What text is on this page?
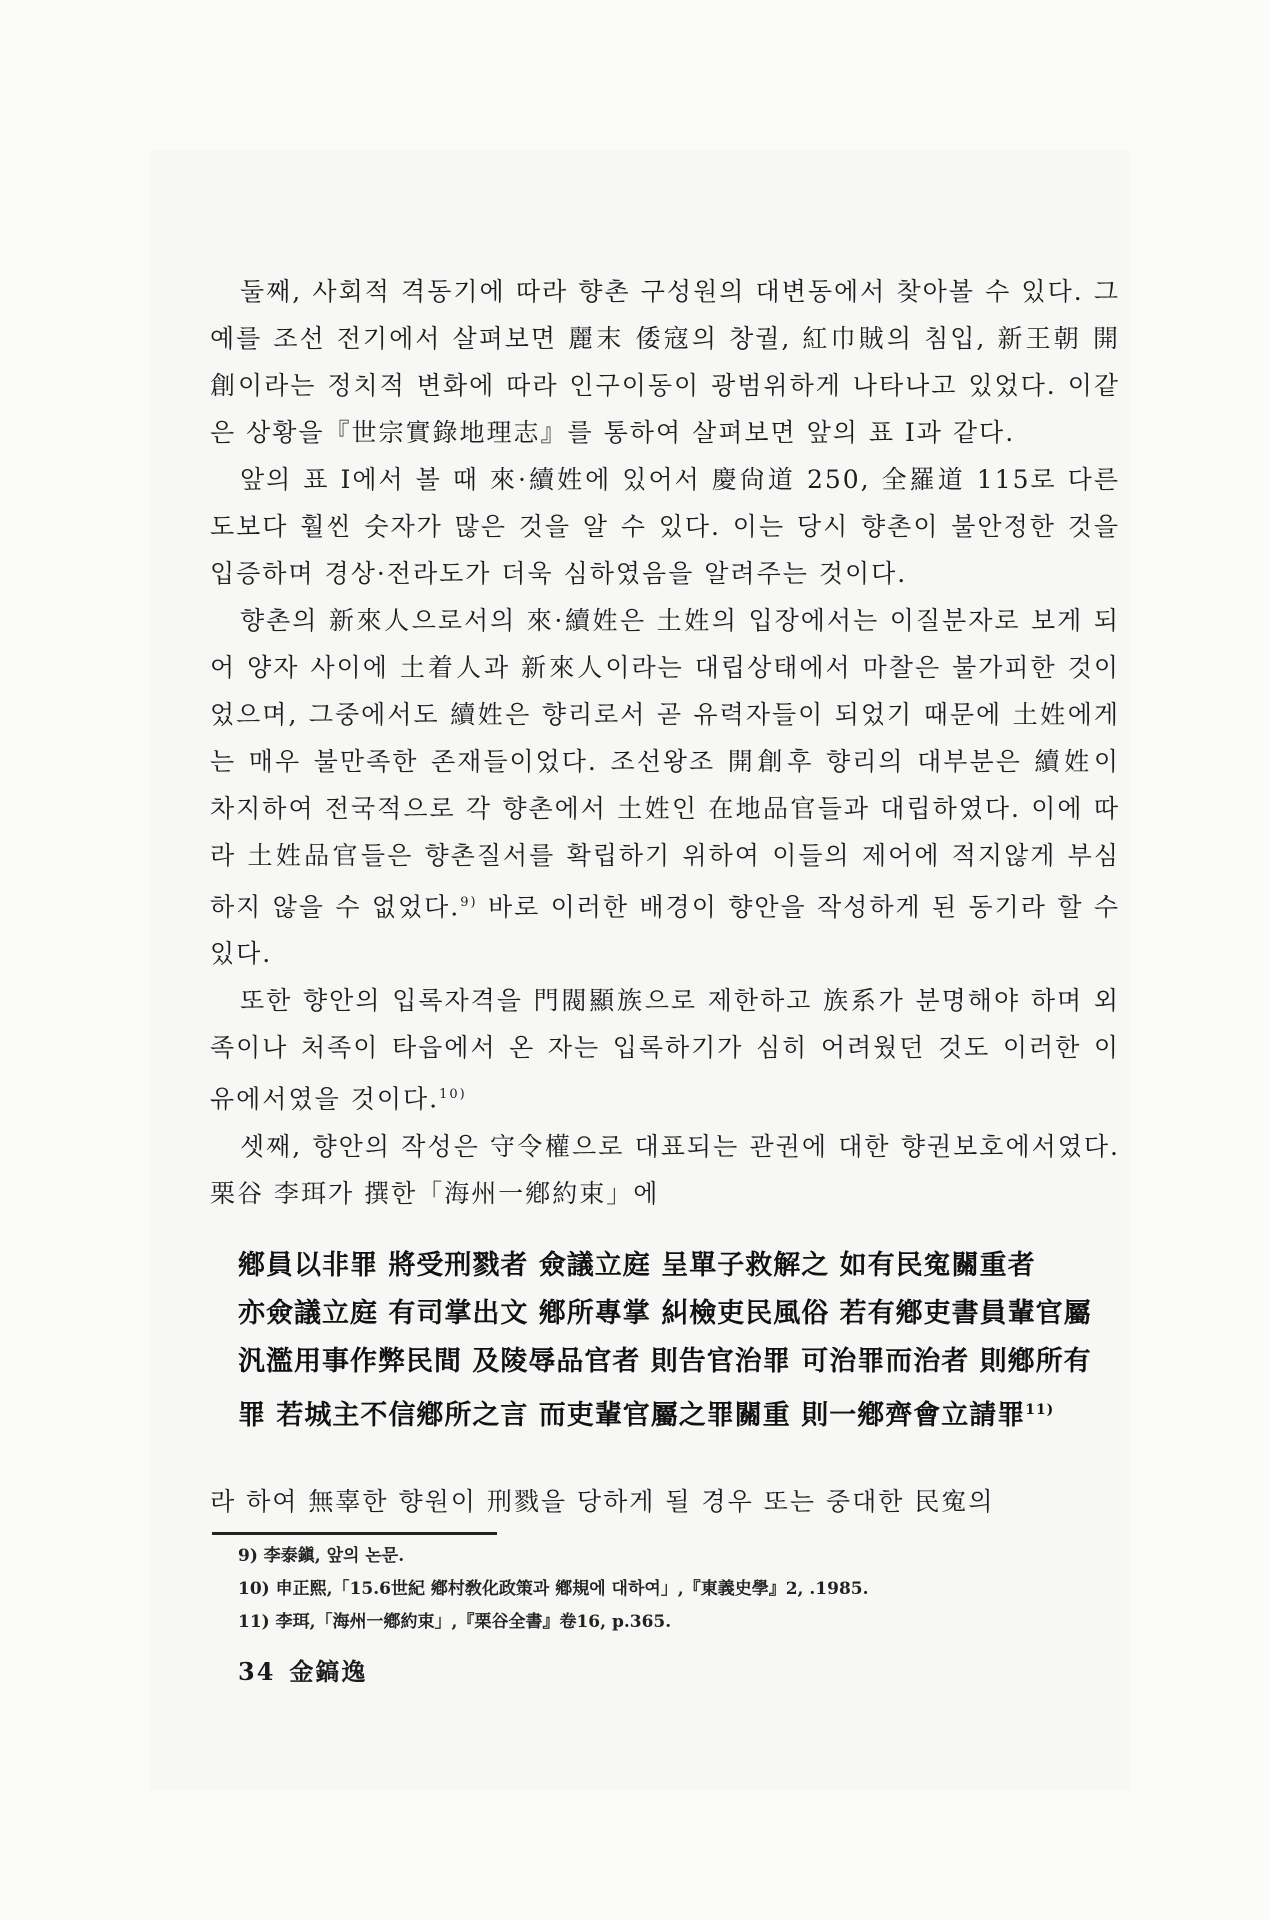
둘째, 사회적 격동기에 따라 향촌 구성원의 대변동에서 찾아볼 수 있다. 그 예를 조선 전기에서 살펴보면 麗末 倭寇의 창궐, 紅巾賊의 침입, 新王朝 開創이라는 정치적 변화에 따라 인구이동이 광범위하게 나타나고 있었다. 이같은 상황을『世宗實錄地理志』를 통하여 살펴보면 앞의 표 I과 같다.

앞의 표 I에서 볼 때 來·續姓에 있어서 慶尙道 250, 全羅道 115로 다른 도보다 훨씬 숫자가 많은 것을 알 수 있다. 이는 당시 향촌이 불안정한 것을 입증하며 경상·전라도가 더욱 심하였음을 알려주는 것이다.

향촌의 新來人으로서의 來·續姓은 土姓의 입장에서는 이질분자로 보게 되어 양자 사이에 土着人과 新來人이라는 대립상태에서 마찰은 불가피한 것이었으며, 그중에서도 續姓은 향리로서 곧 유력자들이 되었기 때문에 土姓에게는 매우 불만족한 존재들이었다. 조선왕조 開創후 향리의 대부분은 續姓이 차지하여 전국적으로 각 향촌에서 土姓인 在地品官들과 대립하였다. 이에 따라 土姓品官들은 향촌질서를 확립하기 위하여 이들의 제어에 적지않게 부심하지 않을 수 없었다.$^{9)}$ 바로 이러한 배경이 향안을 작성하게 된 동기라 할 수 있다.

또한 향안의 입록자격을 門閥顯族으로 제한하고 族系가 분명해야 하며 외족이나 처족이 타읍에서 온 자는 입록하기가 심히 어려웠던 것도 이러한 이유에서였을 것이다.$^{10)}$

셋째, 향안의 작성은 守令權으로 대표되는 관권에 대한 향권보호에서였다. 栗谷 李珥가 撰한「海州一鄕約束」에

鄕員以非罪 將受刑戮者 僉議立庭 呈單子救解之 如有民寃關重者
亦僉議立庭 有司掌出文 鄕所專掌 糾檢吏民風俗 若有鄕吏書員輩官屬
汎濫用事作弊民間 及陵辱品官者 則告官治罪 可治罪而治者 則鄕所有
罪 若城主不信鄕所之言 而吏輩官屬之罪關重 則一鄕齊會立請罪$^{11)}$
라 하여 無辜한 향원이 刑戮을 당하게 될 경우 또는 중대한 民寃의
9) 李泰鎭, 앞의 논문.
10) 申正熙,「15.6世紀 鄕村敎化政策과 鄕規에 대하여」,『東義史學』2, .1985.
11) 李珥,「海州一鄕約束」,『栗谷全書』卷16, p.365.
34 金鎬逸
